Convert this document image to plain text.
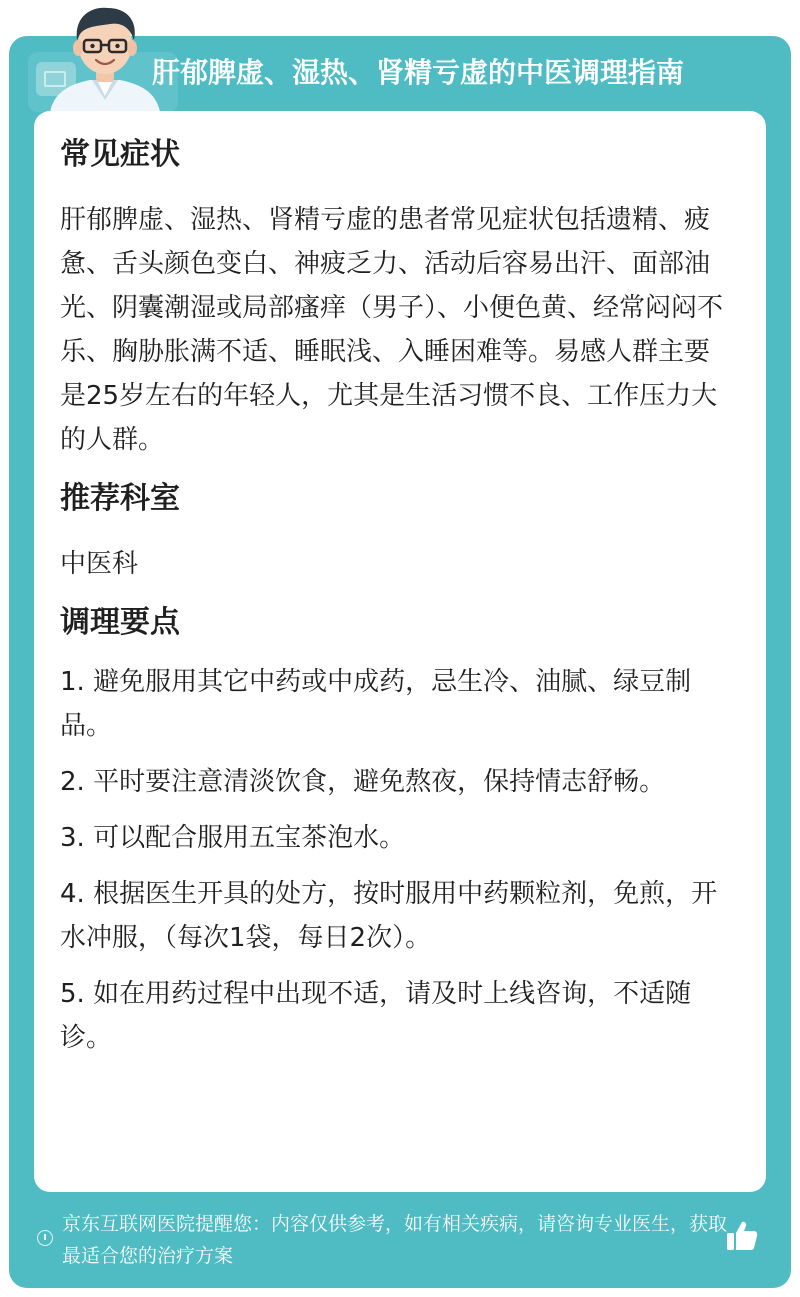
肝郁脾虚、湿热、肾精亏虚的中医调理指南
常见症状

肝郁脾虚、湿热、肾精亏虚的患者常见症状包括遗精、疲惫、舌头颜色变白、神疲乏力、活动后容易出汗、面部油光、阴囊潮湿或局部瘙痒（男子）、小便色黄、经常闷闷不乐、胸胁胀满不适、睡眠浅、入睡困难等。易感人群主要是25岁左右的年轻人，尤其是生活习惯不良、工作压力大的人群。

推荐科室

中医科

调理要点
1. 避免服用其它中药或中成药，忌生冷、油腻、绿豆制品。
2. 平时要注意清淡饮食，避免熬夜，保持情志舒畅。
3. 可以配合服用五宝茶泡水。
4. 根据医生开具的处方，按时服用中药颗粒剂，免煎，开水冲服，（每次1袋，每日2次）。
5. 如在用药过程中出现不适，请及时上线咨询，不适随诊。
京东互联网医院提醒您：内容仅供参考，如有相关疾病，请咨询专业医生，获取最适合您的治疗方案
